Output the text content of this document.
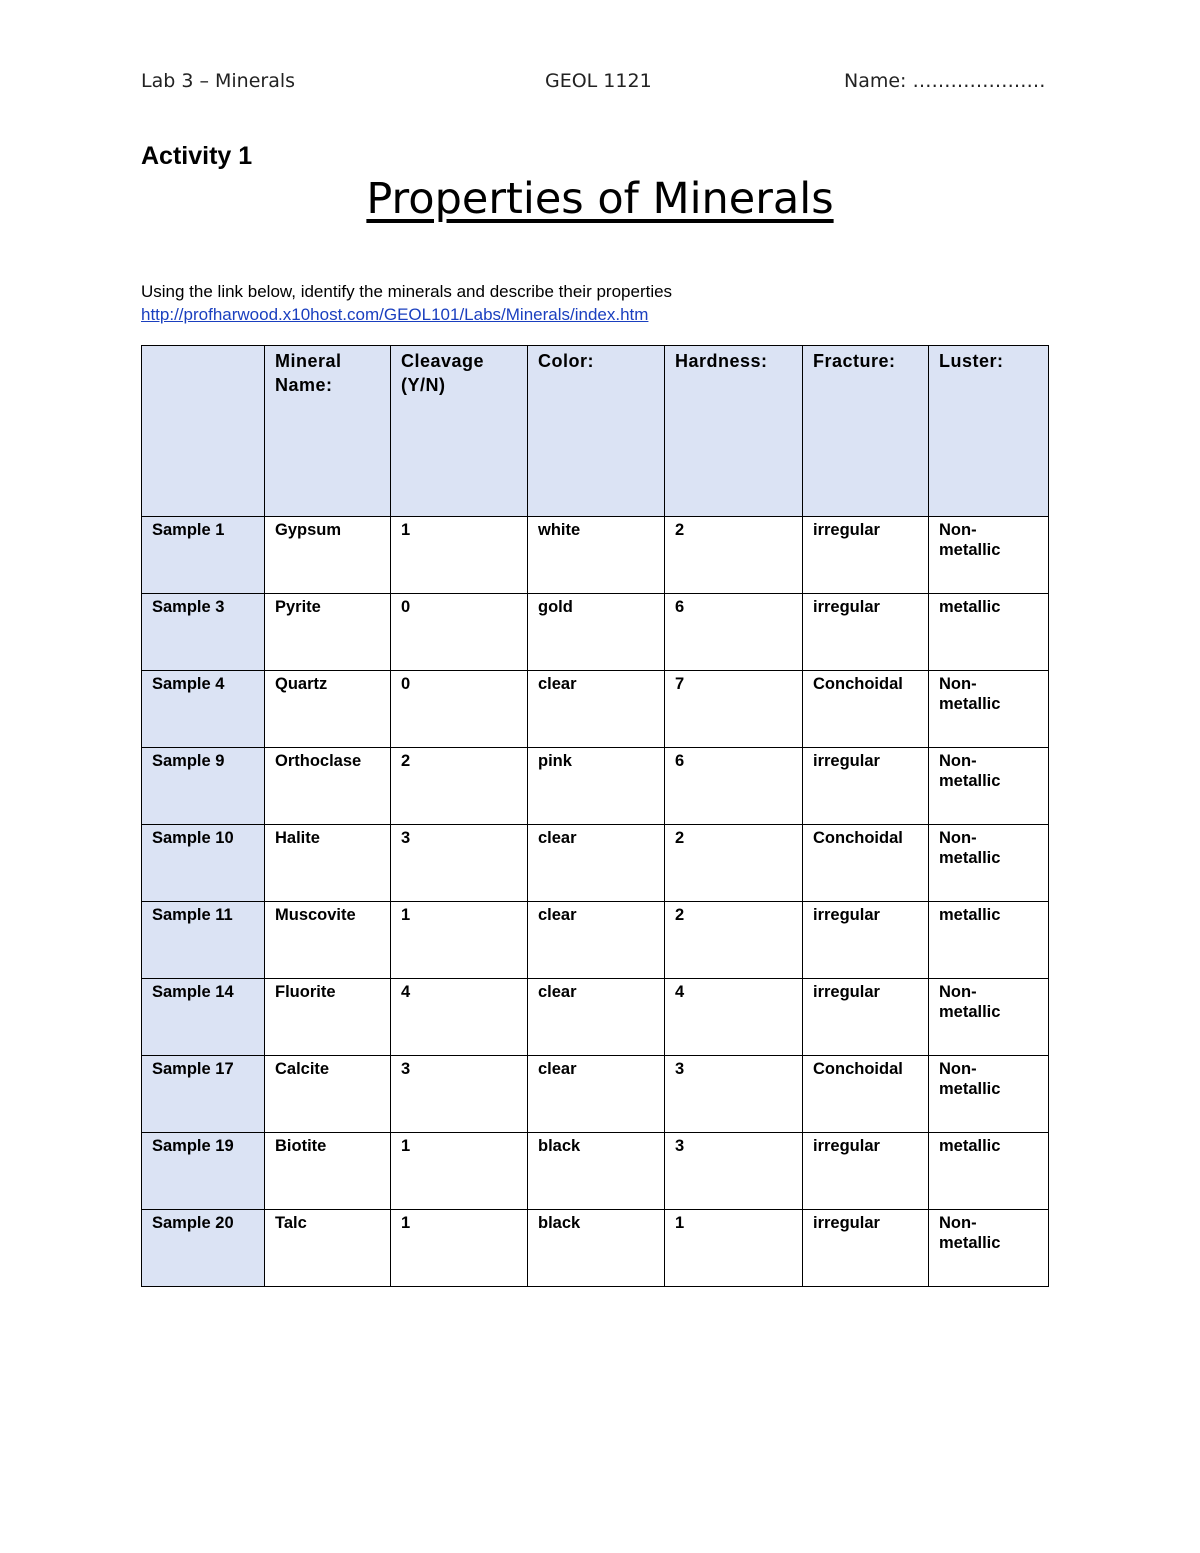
Lab 3 – Minerals	GEOL 1121	Name: …………………
Activity 1
Properties of Minerals
Using the link below, identify the minerals and describe their properties
http://profharwood.x10host.com/GEOL101/Labs/Minerals/index.htm
	Mineral Name:	Cleavage (Y/N)	Color:	Hardness:	Fracture:	Luster:
Sample 1	Gypsum	1	white	2	irregular	Non-metallic
Sample 3	Pyrite	0	gold	6	irregular	metallic
Sample 4	Quartz	0	clear	7	Conchoidal	Non-metallic
Sample 9	Orthoclase	2	pink	6	irregular	Non-metallic
Sample 10	Halite	3	clear	2	Conchoidal	Non-metallic
Sample 11	Muscovite	1	clear	2	irregular	metallic
Sample 14	Fluorite	4	clear	4	irregular	Non-metallic
Sample 17	Calcite	3	clear	3	Conchoidal	Non-metallic
Sample 19	Biotite	1	black	3	irregular	metallic
Sample 20	Talc	1	black	1	irregular	Non-metallic
